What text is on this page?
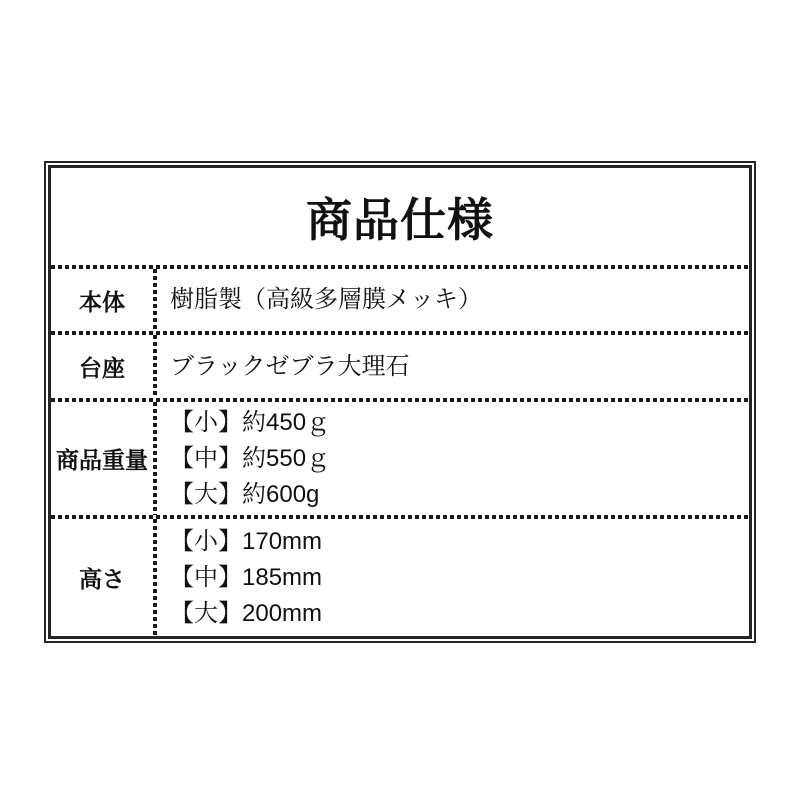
商品仕様
本体	樹脂製（高級多層膜メッキ）
台座	ブラックゼブラ大理石
商品重量
【小】約450ｇ
【中】約550ｇ
【大】約600g
高さ
【小】170mm
【中】185mm
【大】200mm
